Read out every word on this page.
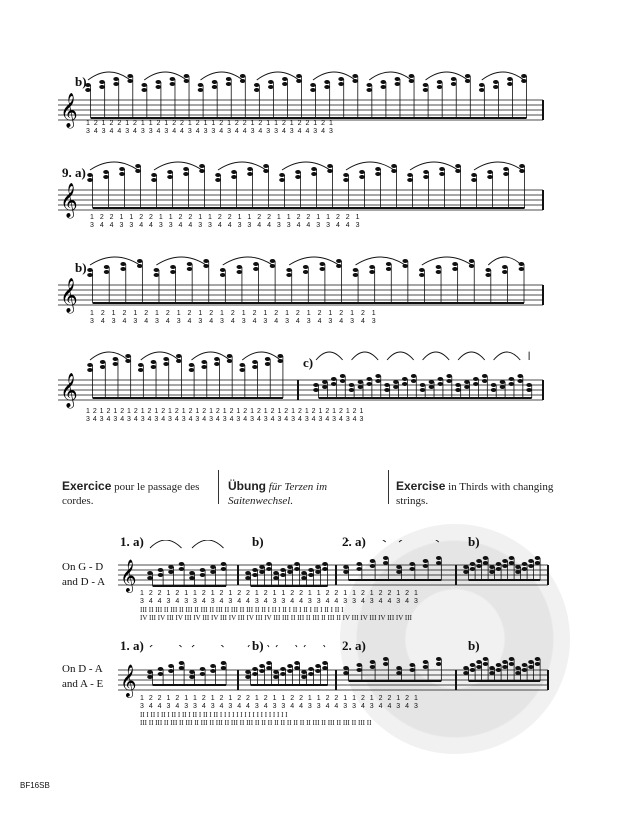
𝄞
b)
1 2 1 2 2 1 2 1 1 2 1 2 2 1 2 1 1 2 1 2 2 1 2 1 1 2 1 2 2 1 2 1
3 4 3 4 4 3 4 3 3 4 3 4 4 3 4 3 3 4 3 4 4 3 4 3 3 4 3 4 4 3 4 3
𝄞
9. a)
1 2 2 1 1 2 2 1 1 2 2 1 1 2 2 1 1 2 2 1 1 2 2 1 1 2 2 1
3 4 4 3 3 4 4 3 3 4 4 3 3 4 4 3 3 4 4 3 3 4 4 3 3 4 4 3
𝄞
b)
1 2 1 2 1 2 1 2 1 2 1 2 1 2 1 2 1 2 1 2 1 2 1 2 1 2 1
3 4 3 4 3 4 3 4 3 4 3 4 3 4 3 4 3 4 3 4 3 4 3 4 3 4 3
𝄞
c)
1 2 1 2 1 2 1 2 1 2 1 2 1 2 1 2 1 2 1 2 1 2 1 2 1 2 1 2 1 2 1 2 1 2 1 2 1 2 1 2 1
3 4 3 4 3 4 3 4 3 4 3 4 3 4 3 4 3 4 3 4 3 4 3 4 3 4 3 4 3 4 3 4 3 4 3 4 3 4 3 4 3
Exercice pour le passage des cordes.
Übung für Terzen im Saitenwechsel.
Exercise in Thirds with changing strings.
On G - D
and D - A 𝄞
1. a)	b)	2. a)	b)
1 2 2 1 2 1 1 2 1 2 1 2 2 1 2 1 1 2 2 1 1 2 2 1 1 2 1 2 2 1 2 1
3 4 4 3 4 3 3 4 3 4 3 4 4 3 4 3 3 4 4 3 3 4 4 3 3 4 3 4 4 3 4 3
III II III II III II III II III II III II III II III II II I II I II I II I II I II I II I II I
IV III IV III IV III IV III IV III IV III IV III IV III III II III II III II III II IV III IV III IV III IV III
On D - A
and A - E 𝄞
1. a)	b)	2. a)	b)
1 2 2 1 2 1 1 2 1 2 1 2 2 1 2 1 1 2 2 1 1 2 2 1 1 2 1 2 2 1 2 1
3 4 4 3 4 3 3 4 3 4 3 4 4 3 4 3 3 4 4 3 3 4 4 3 3 4 3 4 4 3 4 3
II I II I II I II I II I II I II I II I I I I I I I I I I I I I I I I I
III II III II III II III II III II III II III II III II II II II II II II II II III II III II III II III II
BF16SB
